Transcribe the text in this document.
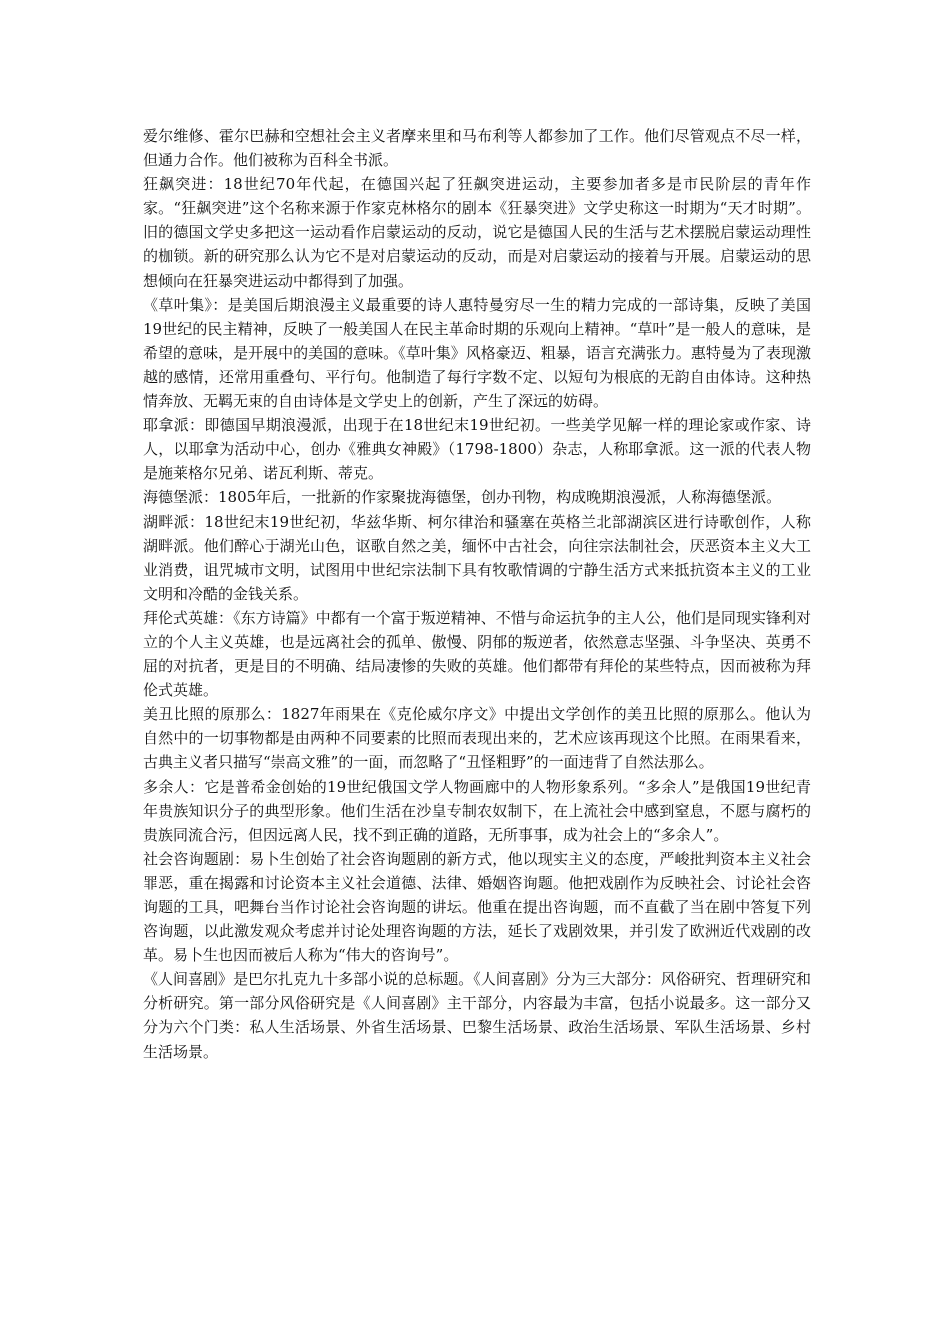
爱尔维修、霍尔巴赫和空想社会主义者摩来里和马布利等人都参加了工作。他们尽管观点不尽一样，但通力合作。他们被称为百科全书派。

狂飙突进：18世纪70年代起，在德国兴起了狂飙突进运动，主要参加者多是市民阶层的青年作家。“狂飙突进”这个名称来源于作家克林格尔的剧本《狂暴突进》文学史称这一时期为“天才时期”。旧的德国文学史多把这一运动看作启蒙运动的反动，说它是德国人民的生活与艺术摆脱启蒙运动理性的枷锁。新的研究那么认为它不是对启蒙运动的反动，而是对启蒙运动的接着与开展。启蒙运动的思想倾向在狂暴突进运动中都得到了加强。

《草叶集》：是美国后期浪漫主义最重要的诗人惠特曼穷尽一生的精力完成的一部诗集，反映了美国19世纪的民主精神，反映了一般美国人在民主革命时期的乐观向上精神。“草叶”是一般人的意味，是希望的意味，是开展中的美国的意味。《草叶集》风格豪迈、粗暴，语言充满张力。惠特曼为了表现激越的感情，还常用重叠句、平行句。他制造了每行字数不定、以短句为根底的无韵自由体诗。这种热情奔放、无羁无束的自由诗体是文学史上的创新，产生了深远的妨碍。

耶拿派：即德国早期浪漫派，出现于在18世纪末19世纪初。一些美学见解一样的理论家或作家、诗人，以耶拿为活动中心，创办《雅典女神殿》（1798-1800）杂志，人称耶拿派。这一派的代表人物是施莱格尔兄弟、诺瓦利斯、蒂克。

海德堡派：1805年后，一批新的作家聚拢海德堡，创办刊物，构成晚期浪漫派，人称海德堡派。

湖畔派：18世纪末19世纪初，华兹华斯、柯尔律治和骚塞在英格兰北部湖滨区进行诗歌创作，人称湖畔派。他们醉心于湖光山色，讴歌自然之美，缅怀中古社会，向往宗法制社会，厌恶资本主义大工业消费，诅咒城市文明，试图用中世纪宗法制下具有牧歌情调的宁静生活方式来抵抗资本主义的工业文明和冷酷的金钱关系。

拜伦式英雄：《东方诗篇》中都有一个富于叛逆精神、不惜与命运抗争的主人公，他们是同现实锋利对立的个人主义英雄，也是远离社会的孤单、傲慢、阴郁的叛逆者，依然意志坚强、斗争坚决、英勇不屈的对抗者，更是目的不明确、结局凄惨的失败的英雄。他们都带有拜伦的某些特点，因而被称为拜伦式英雄。

美丑比照的原那么：1827年雨果在《克伦威尔序文》中提出文学创作的美丑比照的原那么。他认为自然中的一切事物都是由两种不同要素的比照而表现出来的，艺术应该再现这个比照。在雨果看来，古典主义者只描写“崇高文雅”的一面，而忽略了“丑怪粗野”的一面违背了自然法那么。

多余人：它是普希金创始的19世纪俄国文学人物画廊中的人物形象系列。“多余人”是俄国19世纪青年贵族知识分子的典型形象。他们生活在沙皇专制农奴制下，在上流社会中感到窒息，不愿与腐朽的贵族同流合污，但因远离人民，找不到正确的道路，无所事事，成为社会上的“多余人”。

社会咨询题剧：易卜生创始了社会咨询题剧的新方式，他以现实主义的态度，严峻批判资本主义社会罪恶，重在揭露和讨论资本主义社会道德、法律、婚姻咨询题。他把戏剧作为反映社会、讨论社会咨询题的工具，吧舞台当作讨论社会咨询题的讲坛。他重在提出咨询题，而不直截了当在剧中答复下列咨询题，以此激发观众考虑并讨论处理咨询题的方法，延长了戏剧效果，并引发了欧洲近代戏剧的改革。易卜生也因而被后人称为“伟大的咨询号”。

《人间喜剧》是巴尔扎克九十多部小说的总标题。《人间喜剧》分为三大部分：风俗研究、哲理研究和分析研究。第一部分风俗研究是《人间喜剧》主干部分，内容最为丰富，包括小说最多。这一部分又分为六个门类：私人生活场景、外省生活场景、巴黎生活场景、政治生活场景、军队生活场景、乡村生活场景。
